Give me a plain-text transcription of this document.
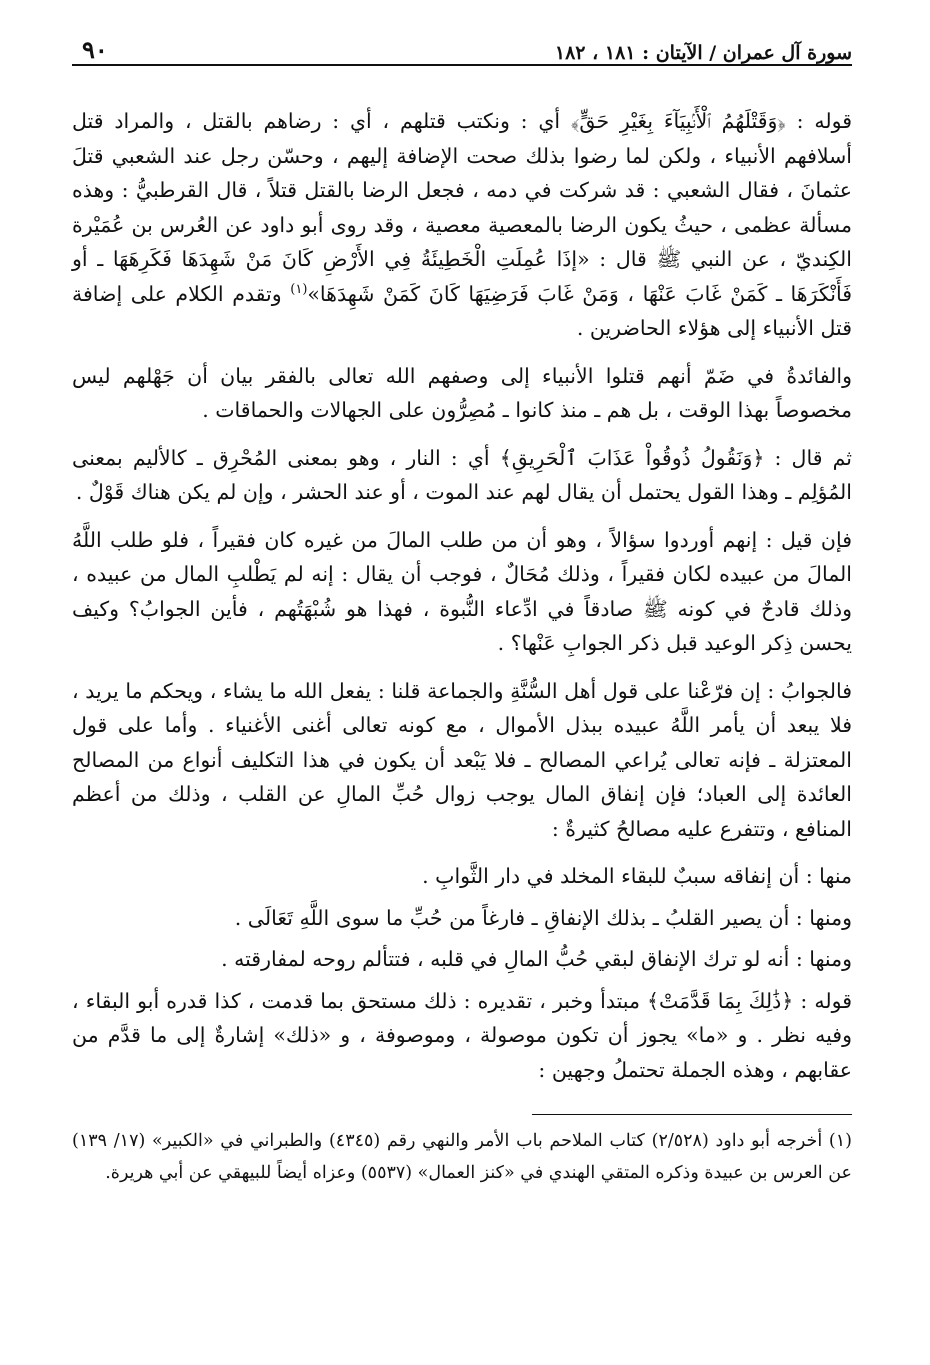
سورة آل عمران / الآيتان : ١٨١ ، ١٨٢
٩٠

قوله : ﴿وَقَتْلَهُمُ ٱلْأَنۢبِيَآءَ بِغَيْرِ حَقٍّ﴾ أي : ونكتب قتلهم ، أي : رضاهم بالقتل ، والمراد قتل أسلافهم الأنبياء ، ولكن لما رضوا بذلك صحت الإضافة إليهم ، وحسّن رجل عند الشعبي قتلَ عثمانَ ، فقال الشعبي : قد شركت في دمه ، فجعل الرضا بالقتل قتلاً ، قال القرطبيُّ : وهذه مسألة عظمى ، حيثُ يكون الرضا بالمعصية معصية ، وقد روى أبو داود عن العُرس بن عُمَيْرة الكِنديّ ، عن النبي ﷺ قال : «إذَا عُمِلَتِ الْخَطِيئَةُ فِي الأَرْضِ كَانَ مَنْ شَهِدَهَا فَكَرِهَهَا ـ أو فَأَنْكَرَهَا ـ كَمَنْ غَابَ عَنْهَا ، وَمَنْ غَابَ فَرَضِيَهَا كَانَ كَمَنْ شَهِدَهَا»$^{(١)}$ وتقدم الكلام على إضافة قتل الأنبياء إلى هؤلاء الحاضرين .

والفائدةُ في ضَمّ أنهم قتلوا الأنبياء إلى وصفهم الله تعالى بالفقر بيان أن جَهْلهم ليس مخصوصاً بهذا الوقت ، بل هم ـ منذ كانوا ـ مُصِرُّون على الجهالات والحماقات .

ثم قال : ﴿وَنَقُولُ ذُوقُواْ عَذَابَ ٱلْحَرِيقِ﴾ أي : النار ، وهو بمعنى المُحْرِق ـ كالأليم بمعنى المُؤلِم ـ وهذا القول يحتمل أن يقال لهم عند الموت ، أو عند الحشر ، وإن لم يكن هناك قَوْلٌ .

فإن قيل : إنهم أوردوا سؤالاً ، وهو أن من طلب المالَ من غيره كان فقيراً ، فلو طلب اللَّهُ المالَ من عبيده لكان فقيراً ، وذلك مُحَالٌ ، فوجب أن يقال : إنه لم يَطْلبِ المال من عبيده ، وذلك قادحٌ في كونه ﷺ صادقاً في ادِّعاء النُّبوة ، فهذا هو شُبْهَتُهم ، فأين الجوابُ؟ وكيف يحسن ذِكر الوعيد قبل ذكر الجوابِ عَنْها؟ .

فالجوابُ : إن فرّعْنا على قول أهل السُّنَّةِ والجماعة قلنا : يفعل الله ما يشاء ، ويحكم ما يريد ، فلا يبعد أن يأمر اللَّهُ عبيده ببذل الأموال ، مع كونه تعالى أغنى الأغنياء . وأما على قول المعتزلة ـ فإنه تعالى يُراعي المصالح ـ فلا يَبْعد أن يكون في هذا التكليف أنواع من المصالح العائدة إلى العباد؛ فإن إنفاق المال يوجب زوال حُبِّ المالِ عن القلب ، وذلك من أعظم المنافع ، وتتفرع عليه مصالحُ كثيرةٌ :

منها : أن إنفاقه سببٌ للبقاء المخلد في دار الثَّوابِ .

ومنها : أن يصير القلبُ ـ بذلك الإنفاقِ ـ فارغاً من حُبِّ ما سوى اللَّهِ تَعَالَى .

ومنها : أنه لو ترك الإنفاق لبقي حُبُّ المالِ في قلبه ، فتتألم روحه لمفارقته .

قوله : ﴿ذَٰلِكَ بِمَا قَدَّمَتْ﴾ مبتدأ وخبر ، تقديره : ذلك مستحق بما قدمت ، كذا قدره أبو البقاء ، وفيه نظر . و «ما» يجوز أن تكون موصولة ، وموصوفة ، و «ذلك» إشارةٌ إلى ما قدَّم من عقابهم ، وهذه الجملة تحتملُ وجهين :

(١) أخرجه أبو داود (٢/٥٢٨) كتاب الملاحم باب الأمر والنهي رقم (٤٣٤٥) والطبراني في «الكبير» (١٧/ ١٣٩) عن العرس بن عبيدة وذكره المتقي الهندي في «كنز العمال» (٥٥٣٧) وعزاه أيضاً للبيهقي عن أبي هريرة.
